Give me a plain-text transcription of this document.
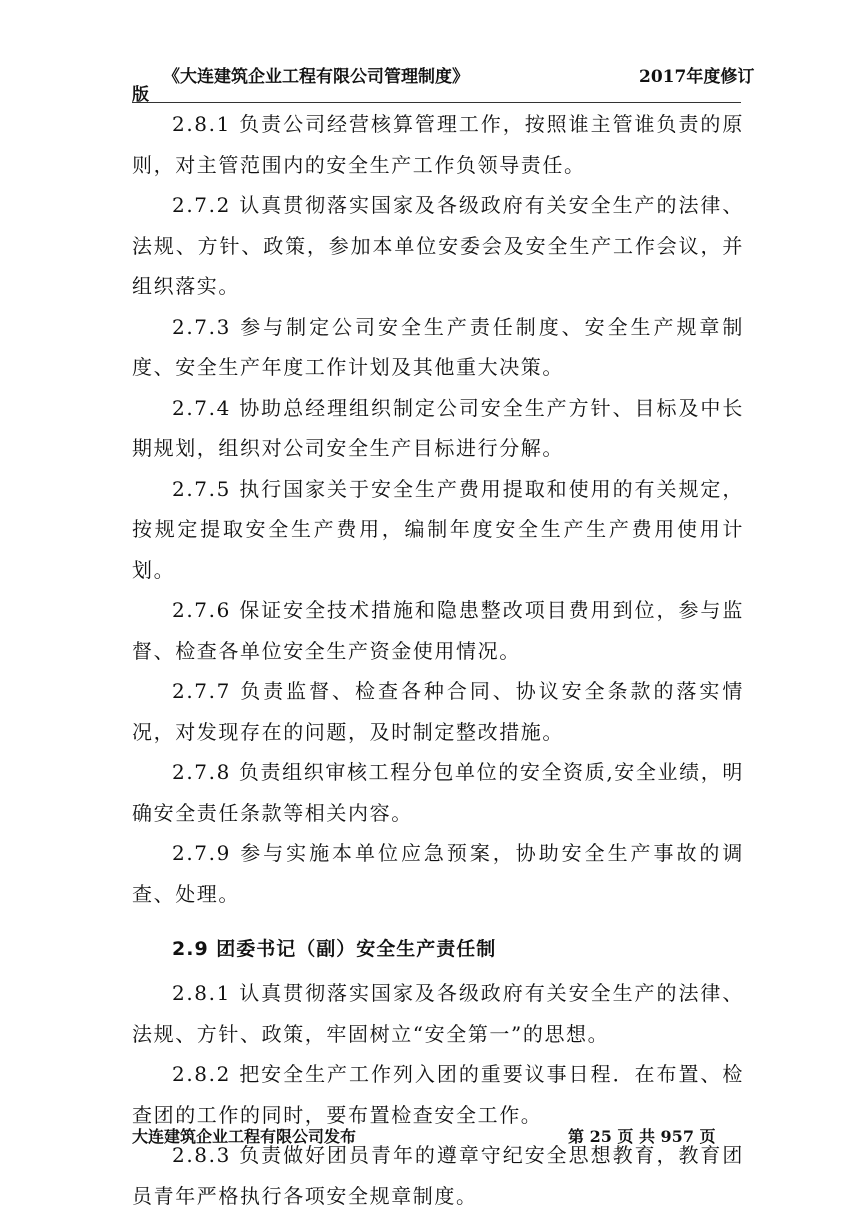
《大连建筑企业工程有限公司管理制度》	2017年度修订
版

2.8.1 负责公司经营核算管理工作，按照谁主管谁负责的原则，对主管范围内的安全生产工作负领导责任。

2.7.2 认真贯彻落实国家及各级政府有关安全生产的法律、法规、方针、政策，参加本单位安委会及安全生产工作会议，并组织落实。

2.7.3 参与制定公司安全生产责任制度、安全生产规章制度、安全生产年度工作计划及其他重大决策。

2.7.4 协助总经理组织制定公司安全生产方针、目标及中长期规划，组织对公司安全生产目标进行分解。

2.7.5 执行国家关于安全生产费用提取和使用的有关规定，按规定提取安全生产费用，编制年度安全生产生产费用使用计划。

2.7.6 保证安全技术措施和隐患整改项目费用到位，参与监督、检查各单位安全生产资金使用情况。

2.7.7 负责监督、检查各种合同、协议安全条款的落实情况，对发现存在的问题，及时制定整改措施。

2.7.8 负责组织审核工程分包单位的安全资质,安全业绩，明确安全责任条款等相关内容。

2.7.9 参与实施本单位应急预案，协助安全生产事故的调查、处理。

2.9 团委书记（副）安全生产责任制

2.8.1 认真贯彻落实国家及各级政府有关安全生产的法律、法规、方针、政策，牢固树立“安全第一”的思想。

2.8.2 把安全生产工作列入团的重要议事日程．在布置、检查团的工作的同时，要布置检查安全工作。

2.8.3 负责做好团员青年的遵章守纪安全思想教育，教育团员青年严格执行各项安全规章制度。

大连建筑企业工程有限公司发布	第 25 页 共 957 页
